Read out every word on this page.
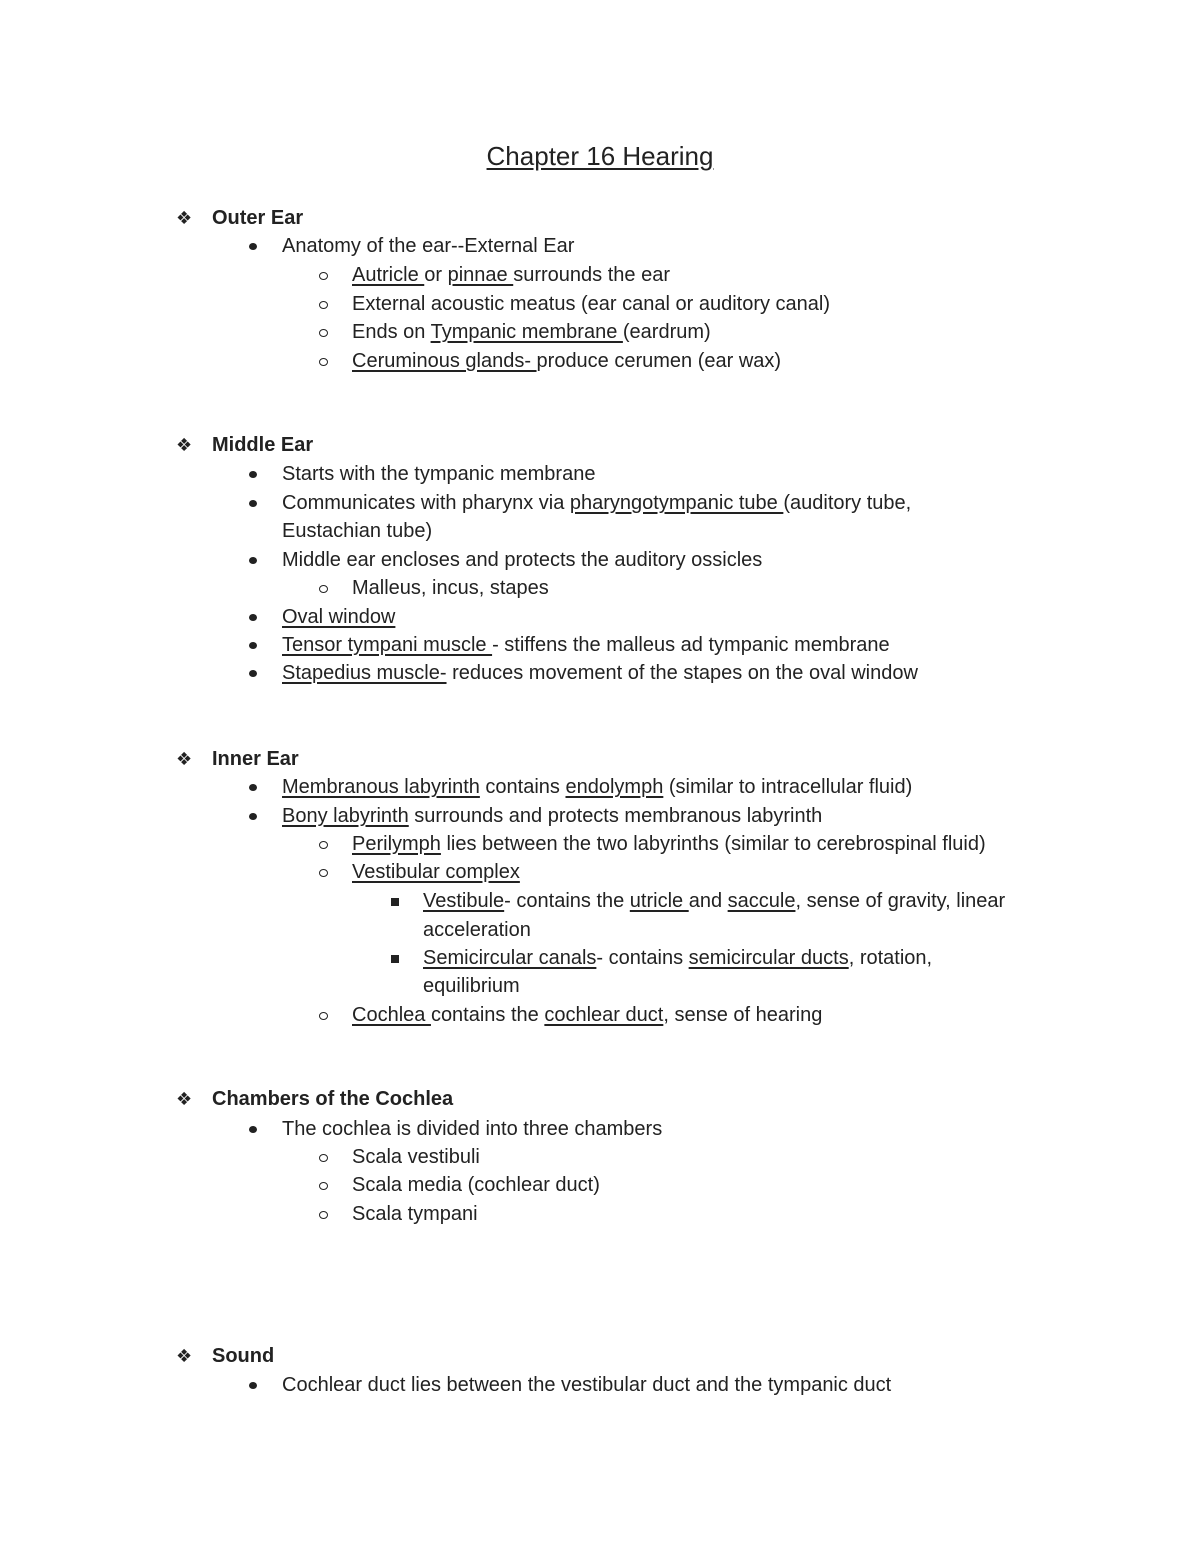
Chapter 16 Hearing
❖ Outer Ear
Anatomy of the ear--External Ear
Autricle or pinnae surrounds the ear
External acoustic meatus (ear canal or auditory canal)
Ends on Tympanic membrane (eardrum)
Ceruminous glands- produce cerumen (ear wax)
❖ Middle Ear
Starts with the tympanic membrane
Communicates with pharynx via pharyngotympanic tube (auditory tube,
Eustachian tube)
Middle ear encloses and protects the auditory ossicles
Malleus, incus, stapes
Oval window
Tensor tympani muscle - stiffens the malleus ad tympanic membrane
Stapedius muscle- reduces movement of the stapes on the oval window
❖ Inner Ear
Membranous labyrinth contains endolymph (similar to intracellular fluid)
Bony labyrinth surrounds and protects membranous labyrinth
Perilymph lies between the two labyrinths (similar to cerebrospinal fluid)
Vestibular complex
Vestibule- contains the utricle and saccule, sense of gravity, linear
acceleration
Semicircular canals- contains semicircular ducts, rotation,
equilibrium
Cochlea contains the cochlear duct, sense of hearing
❖ Chambers of the Cochlea
The cochlea is divided into three chambers
Scala vestibuli
Scala media (cochlear duct)
Scala tympani
❖ Sound
Cochlear duct lies between the vestibular duct and the tympanic duct
